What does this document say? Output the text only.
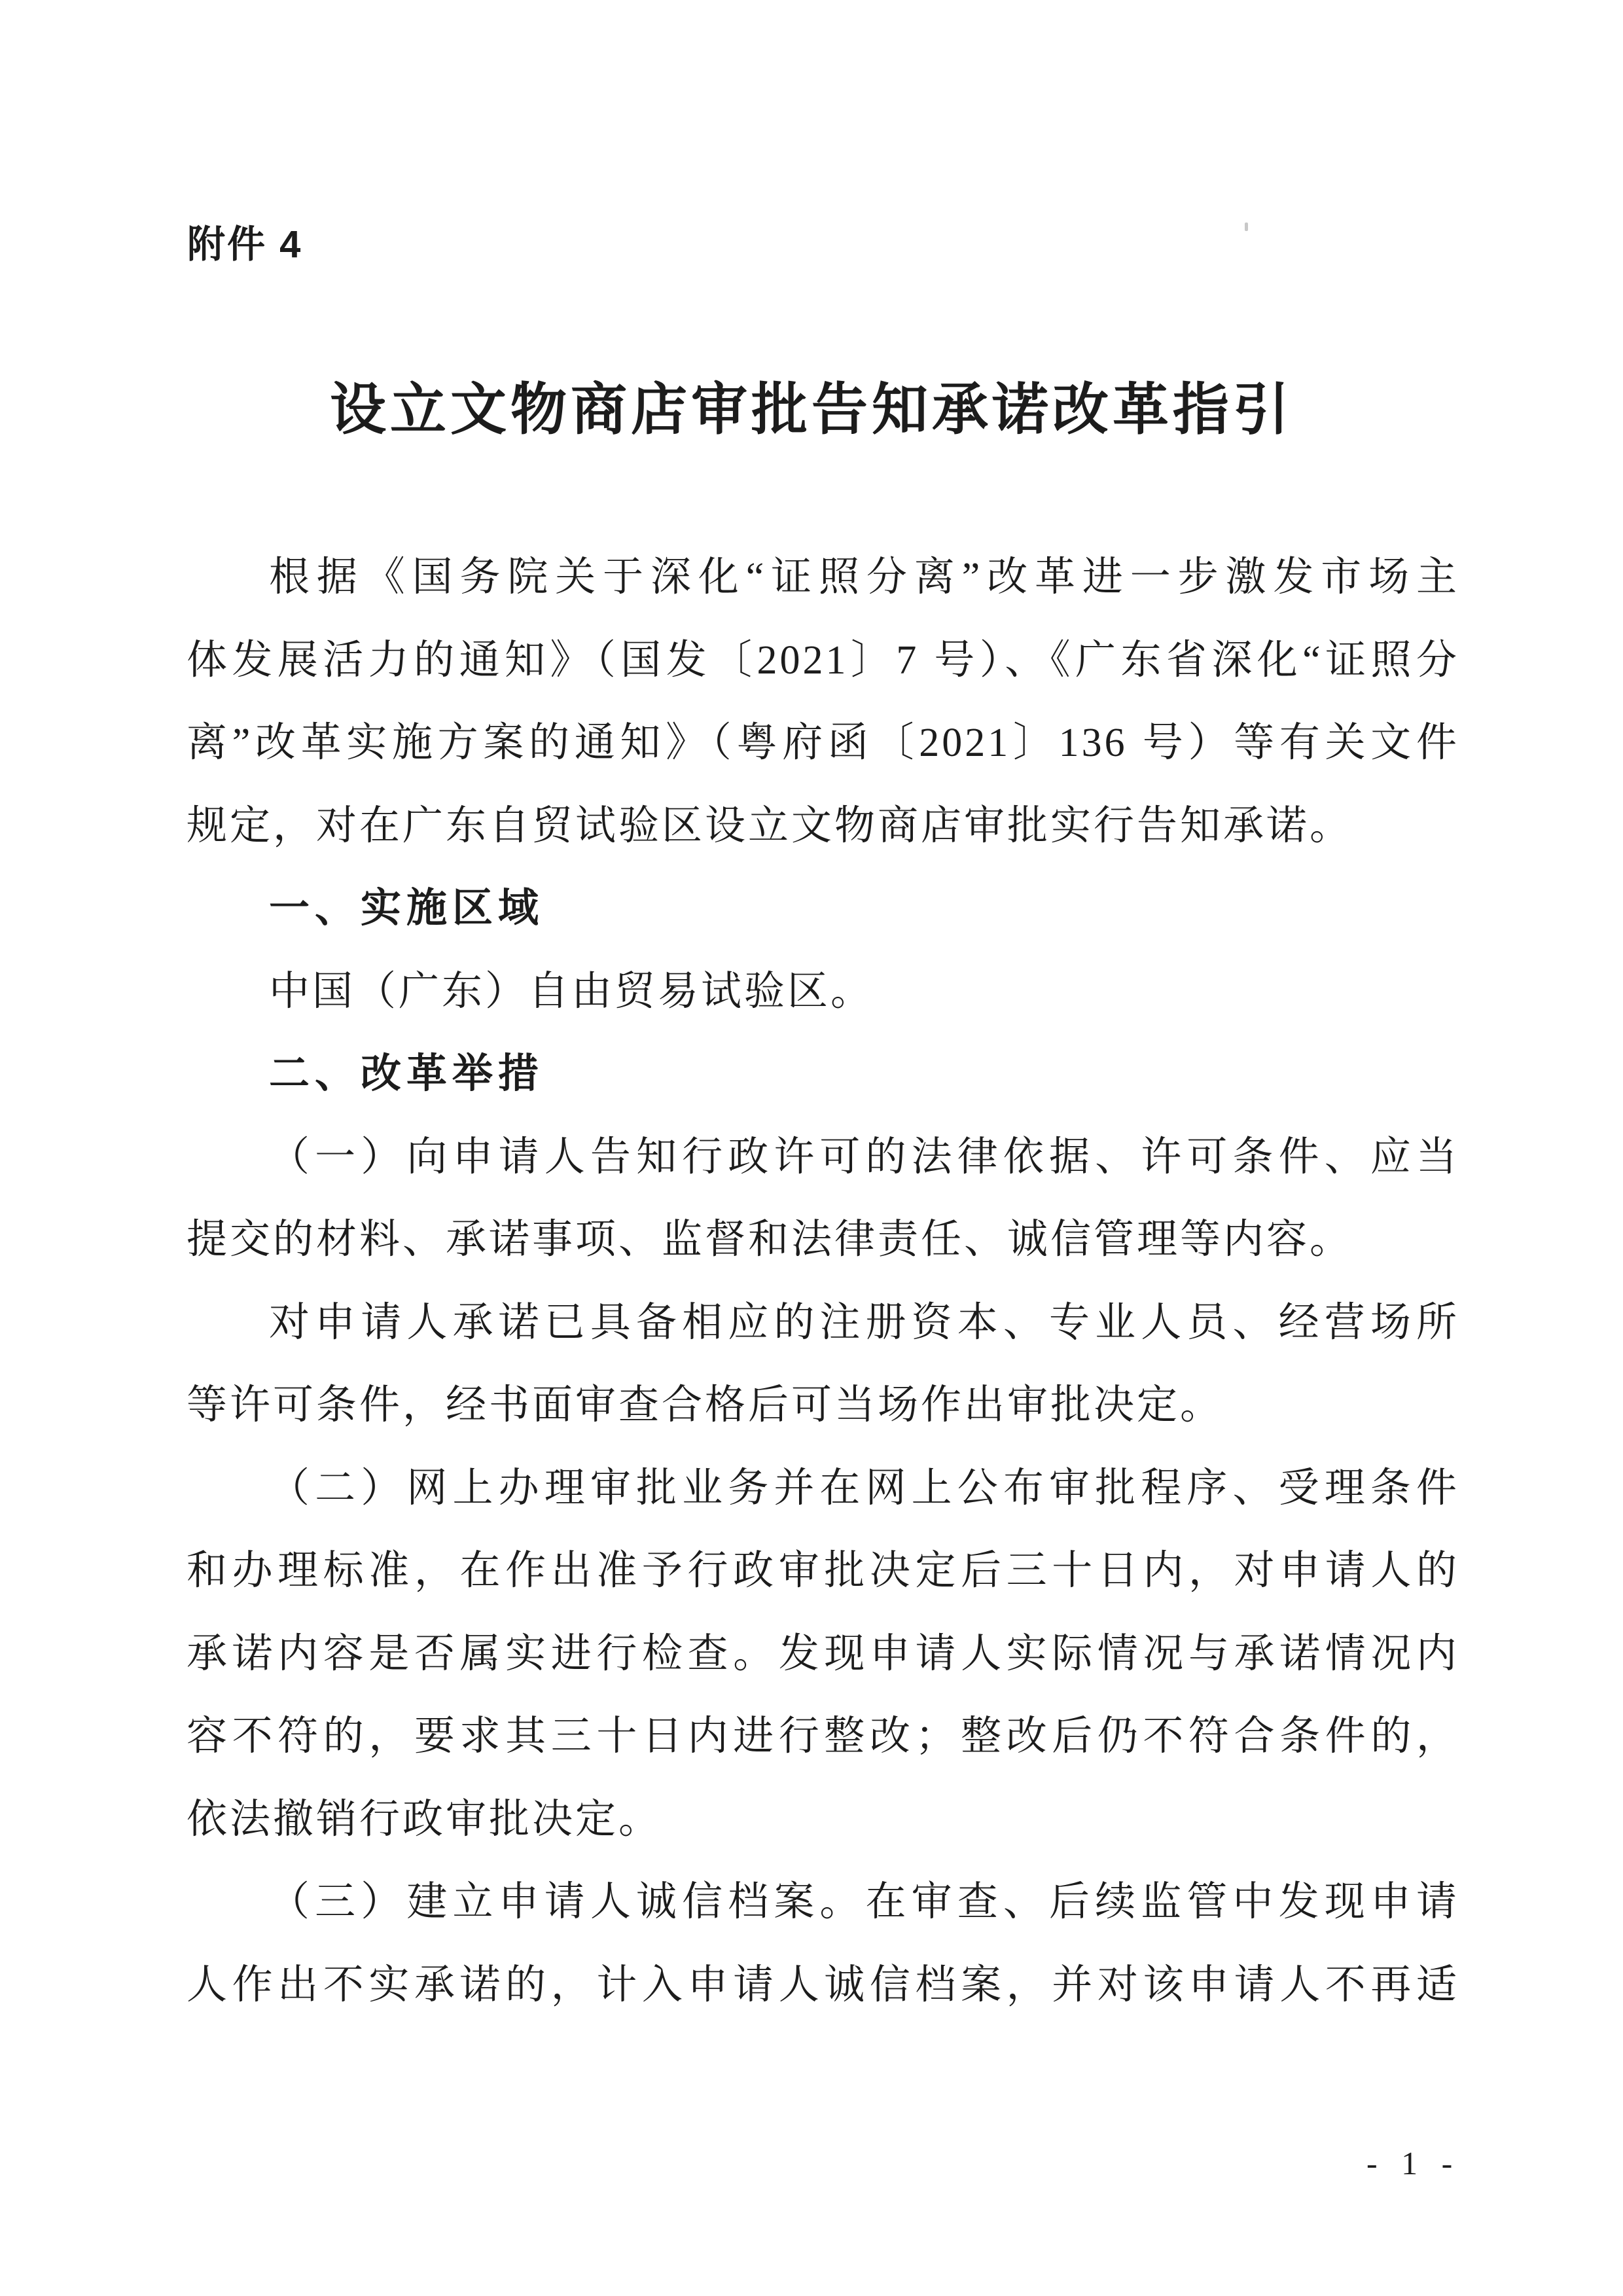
附件 4
设立文物商店审批告知承诺改革指引
根据《国务院关于深化“证照分离”改革进一步激发市场主
体发展活力的通知》（国发〔2021〕7 号）、《广东省深化“证照分
离”改革实施方案的通知》（粤府函〔2021〕136 号）等有关文件
规定，对在广东自贸试验区设立文物商店审批实行告知承诺。
一、实施区域
中国（广东）自由贸易试验区。
二、改革举措
（一）向申请人告知行政许可的法律依据、许可条件、应当
提交的材料、承诺事项、监督和法律责任、诚信管理等内容。
对申请人承诺已具备相应的注册资本、专业人员、经营场所
等许可条件，经书面审查合格后可当场作出审批决定。
（二）网上办理审批业务并在网上公布审批程序、受理条件
和办理标准，在作出准予行政审批决定后三十日内，对申请人的
承诺内容是否属实进行检查。发现申请人实际情况与承诺情况内
容不符的，要求其三十日内进行整改；整改后仍不符合条件的，
依法撤销行政审批决定。
（三）建立申请人诚信档案。在审查、后续监管中发现申请
人作出不实承诺的，计入申请人诚信档案，并对该申请人不再适
- 1 -
